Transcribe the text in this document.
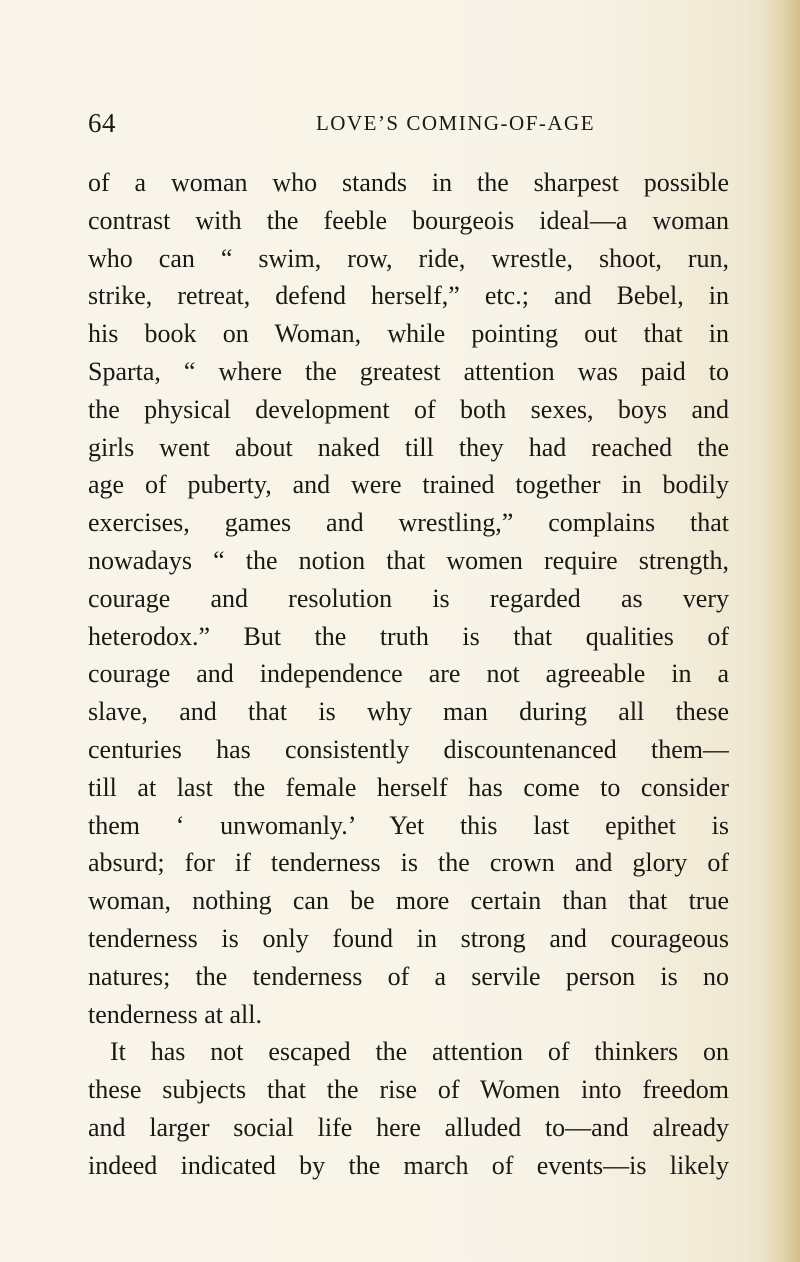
64	LOVE’S COMING-OF-AGE
of a woman who stands in the sharpest possible
contrast with the feeble bourgeois ideal—a woman
who can “ swim, row, ride, wrestle, shoot, run,
strike, retreat, defend herself,” etc.; and Bebel, in
his book on Woman, while pointing out that in
Sparta, “ where the greatest attention was paid to
the physical development of both sexes, boys and
girls went about naked till they had reached the
age of puberty, and were trained together in bodily
exercises, games and wrestling,” complains that
nowadays “ the notion that women require strength,
courage and resolution is regarded as very
heterodox.” But the truth is that qualities of
courage and independence are not agreeable in a
slave, and that is why man during all these
centuries has consistently discountenanced them—
till at last the female herself has come to consider
them ‘ unwomanly.’ Yet this last epithet is
absurd; for if tenderness is the crown and glory of
woman, nothing can be more certain than that true
tenderness is only found in strong and courageous
natures; the tenderness of a servile person is no
tenderness at all.
It has not escaped the attention of thinkers on
these subjects that the rise of Women into freedom
and larger social life here alluded to—and already
indeed indicated by the march of events—is likely
